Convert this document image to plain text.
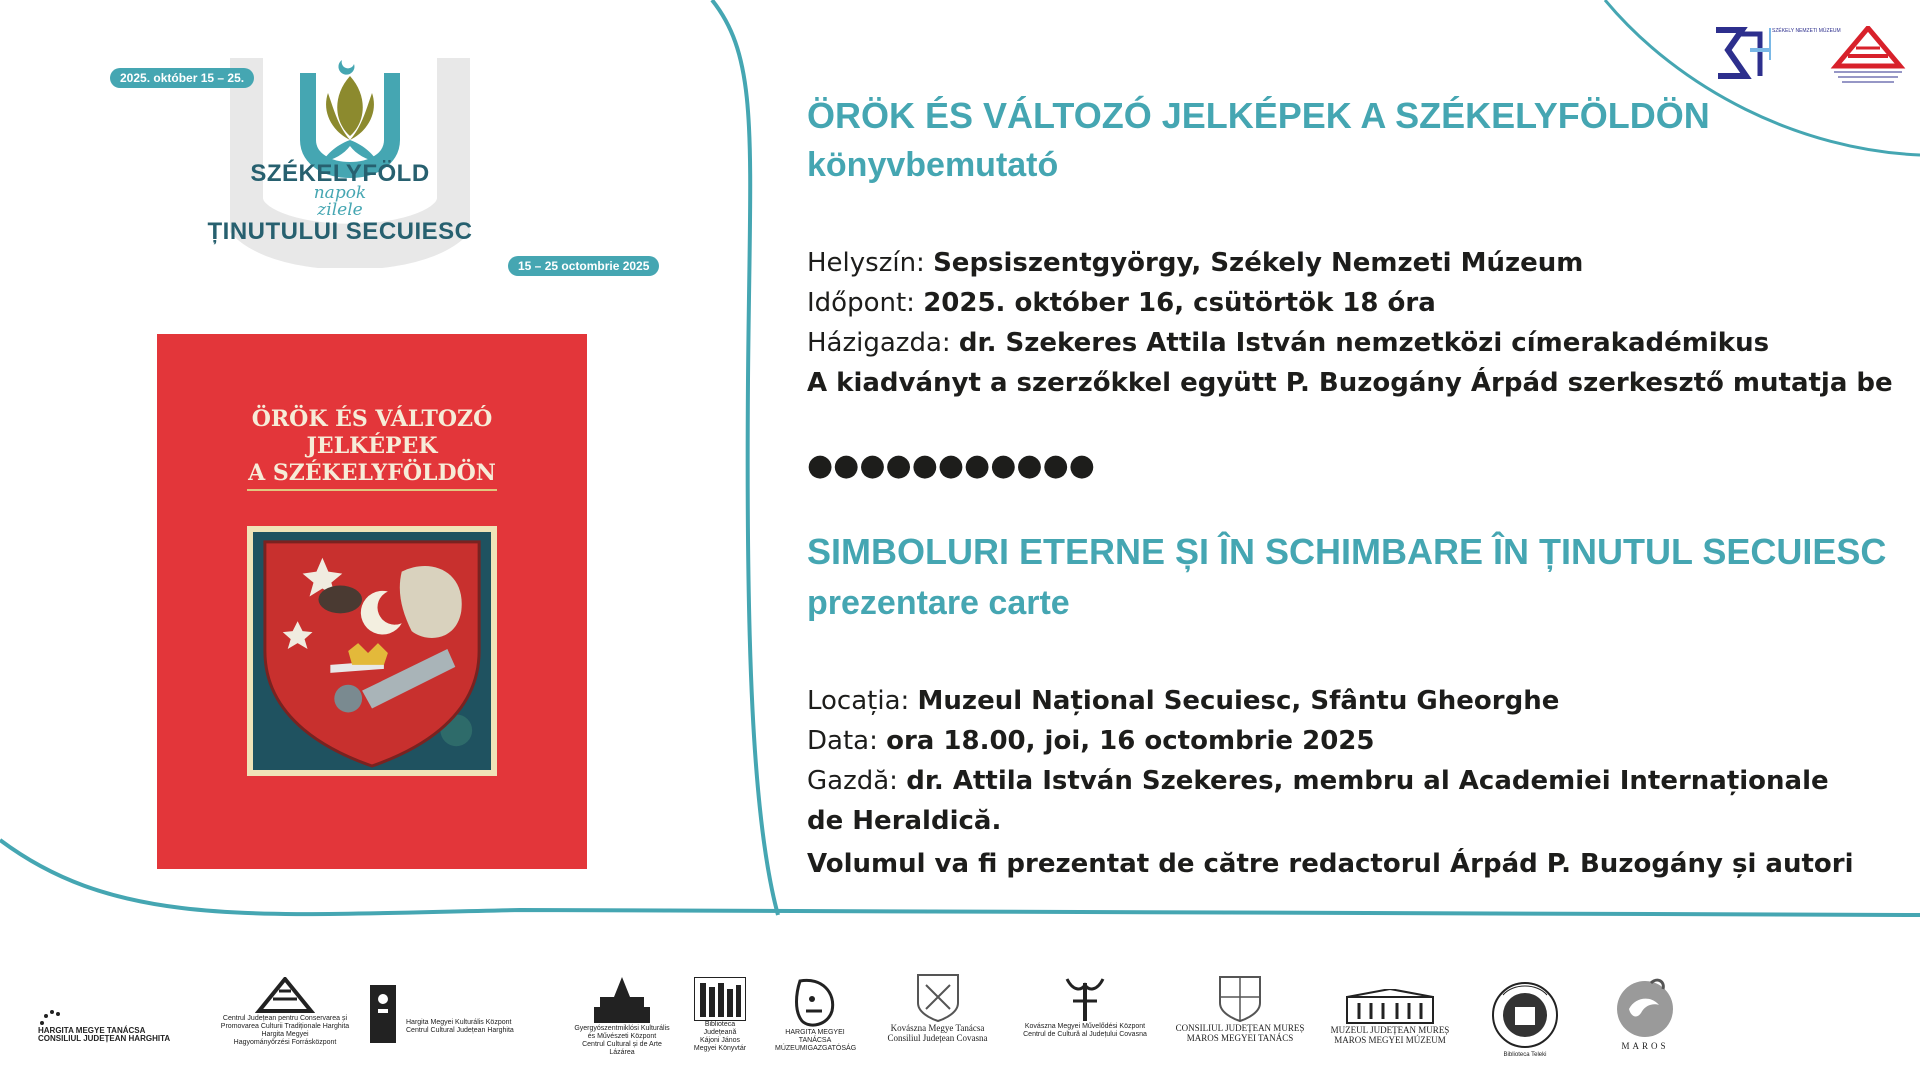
2025. október 15 – 25.
15 – 25 octombrie 2025
SZÉKELYFÖLD
napok
zilele
ȚINUTULUI SECUIESC

ÖRÖK ÉS VÁLTOZÓ
JELKÉPEK
A SZÉKELYFÖLDÖN

SZÉKELY NEMZETI MÚZEUM
ÖRÖK ÉS VÁLTOZÓ JELKÉPEK A SZÉKELYFÖLDÖN
könyvbemutató
Helyszín: Sepsiszentgyörgy, Székely Nemzeti Múzeum
Időpont: 2025. október 16, csütörtök 18 óra
Házigazda: dr. Szekeres Attila István nemzetközi címerakadémikus
A kiadványt a szerzőkkel együtt P. Buzogány Árpád szerkesztő mutatja be
●●●●●●●●●●●
SIMBOLURI ETERNE ȘI ÎN SCHIMBARE ÎN ȚINUTUL SECUIESC
prezentare carte
Locația: Muzeul Național Secuiesc, Sfântu Gheorghe
Data: ora 18.00, joi, 16 octombrie 2025
Gazdă: dr. Attila István Szekeres, membru al Academiei Internaționale
de Heraldică.
Volumul va fi prezentat de către redactorul Árpád P. Buzogány și autori
HARGITA MEGYE TANÁCSA
CONSILIUL JUDEȚEAN HARGHITA
Centrul Județean pentru Conservarea și
Promovarea Culturii Tradiționale Harghita
Hargita Megyei
Hagyományőrzési Forrásközpont
Hargita Megyei Kulturális Központ
Centrul Cultural Județean Harghita	Gyergyószentmiklósi Kulturális
és Művészeti Központ
Centrul Cultural și de Arte Lázárea
Biblioteca Județeană
Kájoni János
Megyei Könyvtár
HARGITA MEGYEI TANÁCSA
MÚZEUMIGAZGATÓSÁG
Kovászna Megye Tanácsa
Consiliul Județean Covasna
Kovászna Megyei Művelődési Központ
Centrul de Cultură al Județului Covasna
CONSILIUL JUDEȚEAN MUREȘ
MAROS MEGYEI TANÁCS
MUZEUL JUDEȚEAN MUREȘ
MAROS MEGYEI MÚZEUM
Biblioteca Teleki
MAROS
